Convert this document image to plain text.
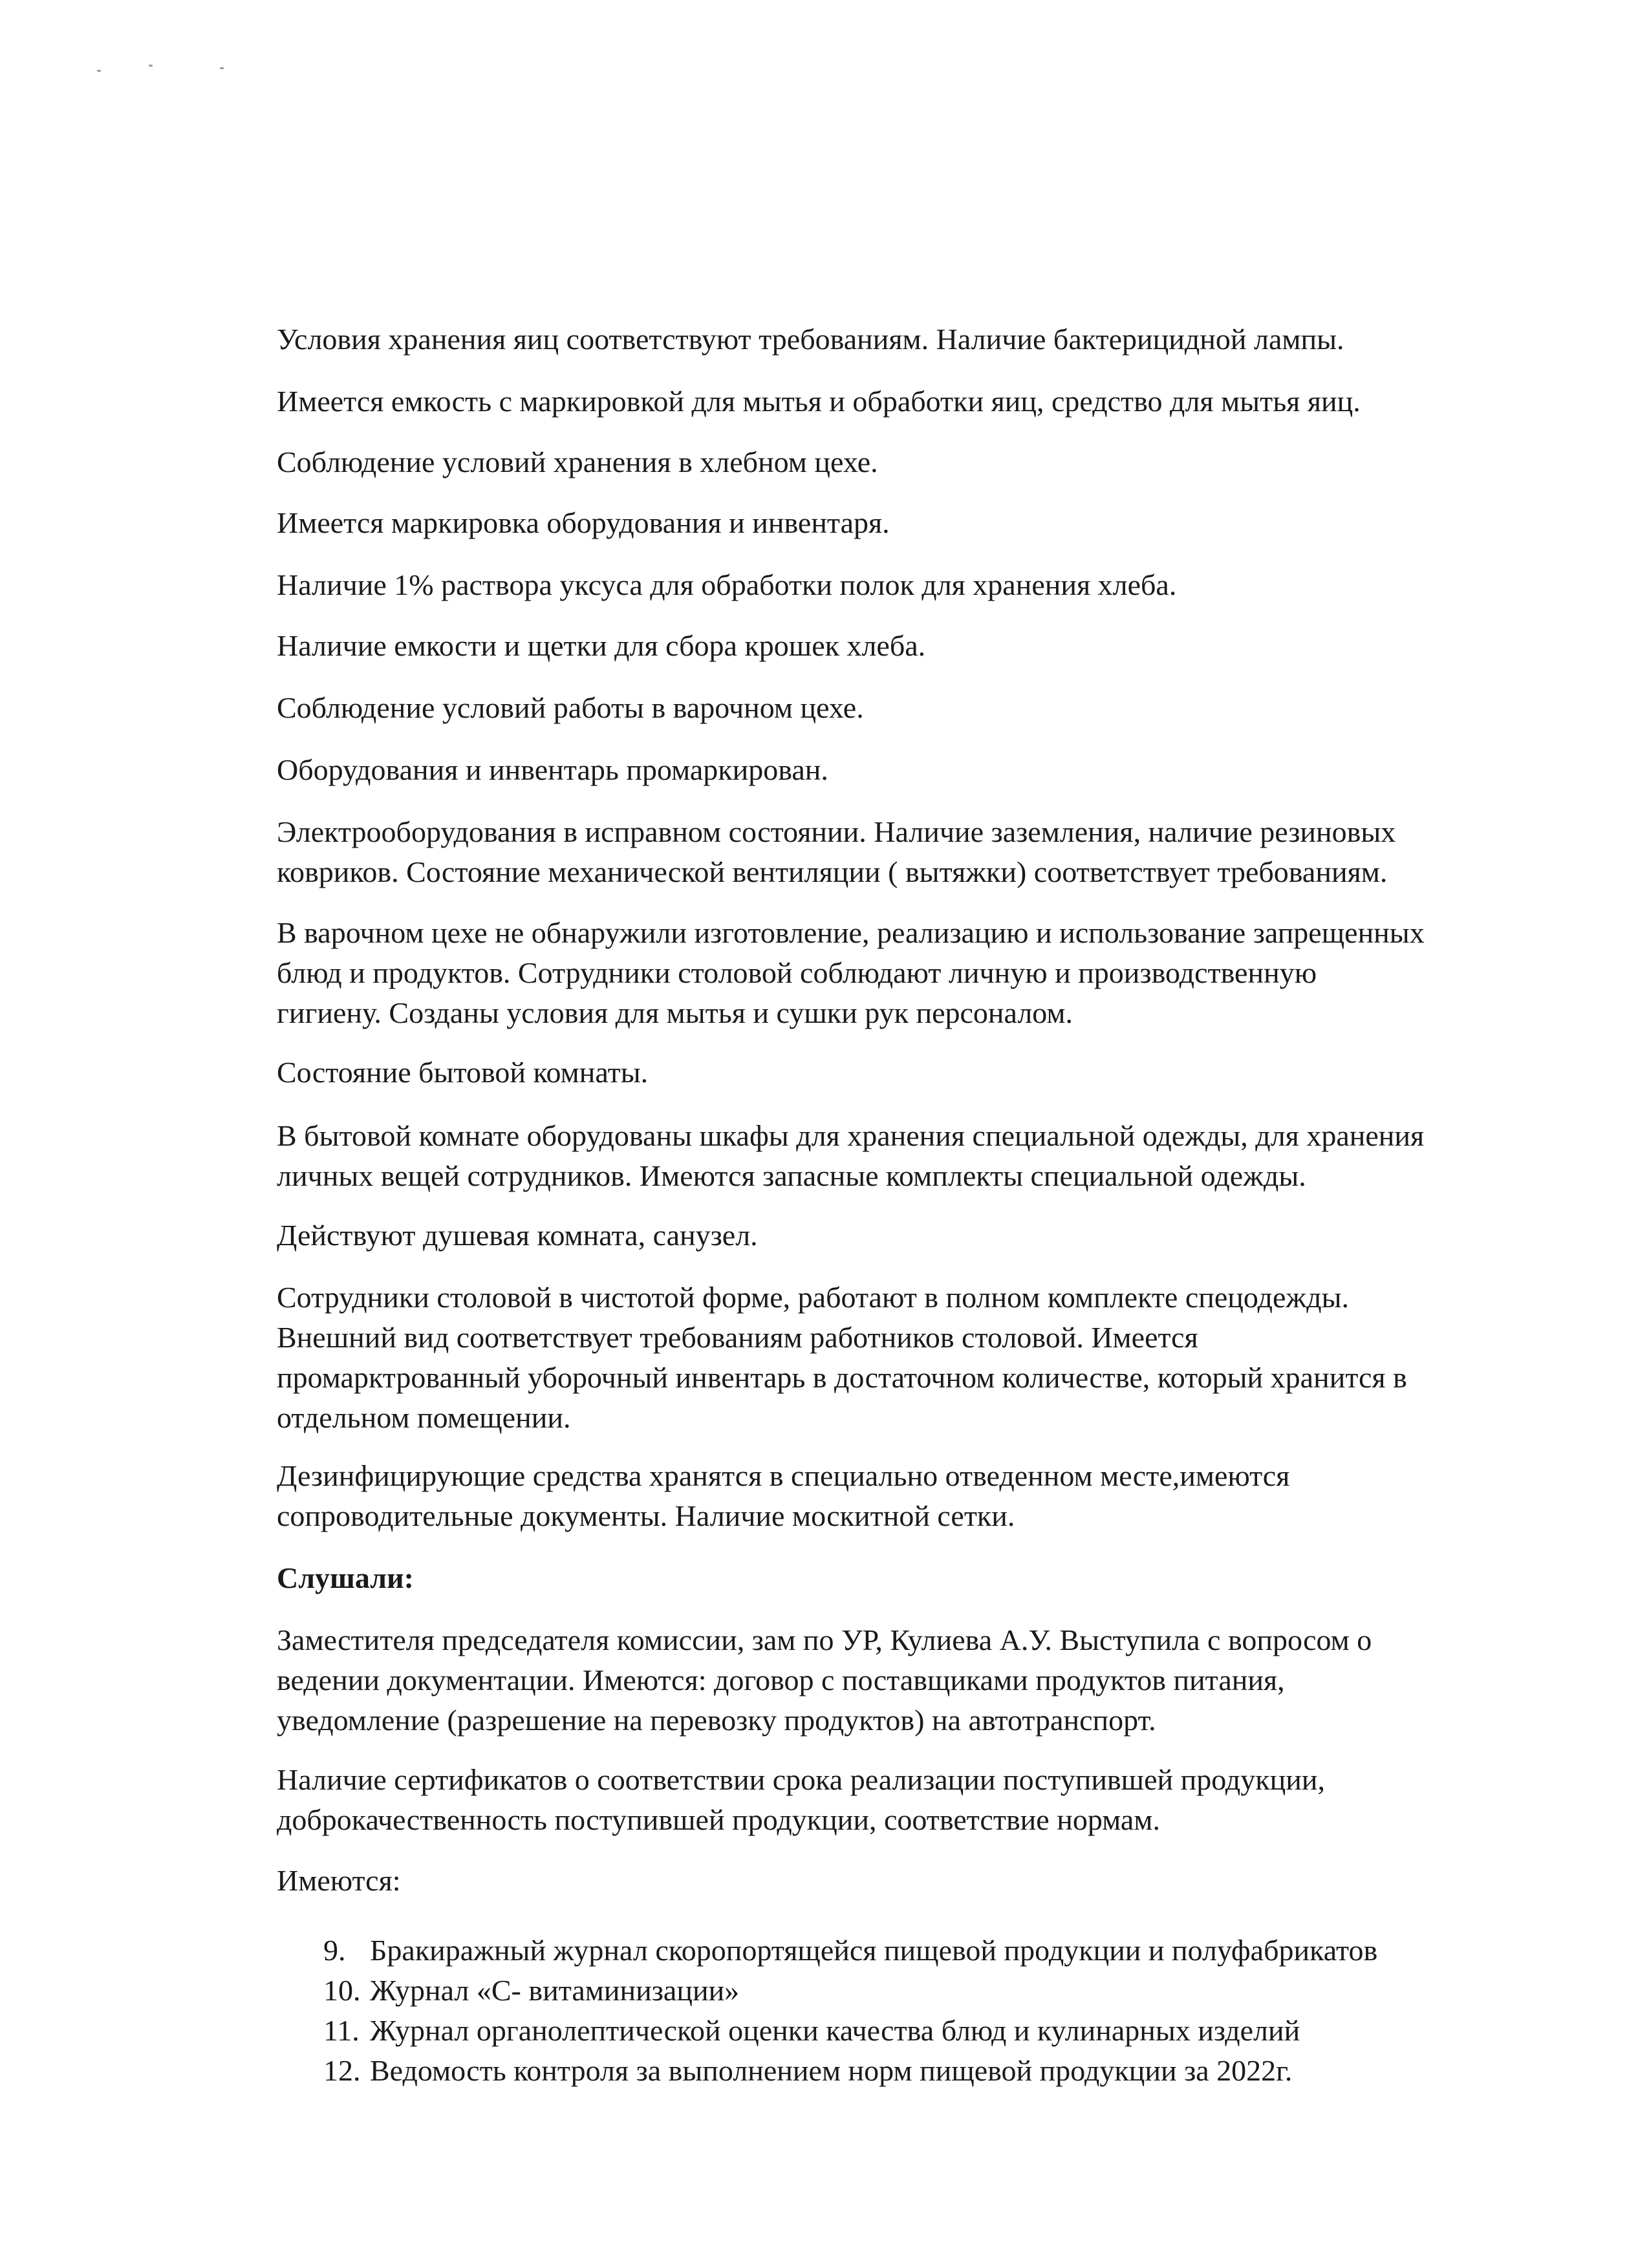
Условия хранения яиц соответствуют требованиям. Наличие бактерицидной лампы.

Имеется емкость с маркировкой для мытья и обработки яиц, средство для мытья яиц.

Соблюдение условий хранения в хлебном цехе.

Имеется маркировка оборудования и инвентаря.

Наличие 1% раствора уксуса для обработки полок для хранения хлеба.

Наличие емкости и щетки для сбора крошек хлеба.

Соблюдение условий работы в варочном цехе.

Оборудования и инвентарь промаркирован.

Электрооборудования в исправном состоянии. Наличие заземления, наличие резиновых
ковриков. Состояние механической вентиляции ( вытяжки) соответствует требованиям.

В варочном цехе не обнаружили изготовление, реализацию и использование запрещенных
блюд и продуктов. Сотрудники столовой соблюдают личную и производственную
гигиену. Созданы условия для мытья и сушки рук персоналом.

Состояние бытовой комнаты.

В бытовой комнате оборудованы шкафы для хранения специальной одежды, для хранения
личных вещей сотрудников. Имеются запасные комплекты специальной одежды.

Действуют душевая комната, санузел.

Сотрудники столовой в чистотой форме, работают в полном комплекте спецодежды.
Внешний вид соответствует требованиям работников столовой. Имеется
промарктрованный уборочный инвентарь в достаточном количестве, который хранится в
отдельном помещении.

Дезинфицирующие средства хранятся в специально отведенном месте,имеются
сопроводительные документы. Наличие москитной сетки.

Слушали:

Заместителя председателя комиссии, зам по УР, Кулиева А.У. Выступила с вопросом о
ведении документации. Имеются: договор с поставщиками продуктов питания,
уведомление (разрешение на перевозку продуктов) на автотранспорт.

Наличие сертификатов о соответствии срока реализации поступившей продукции,
доброкачественность поступившей продукции, соответствие нормам.

Имеются:

9. Бракиражный журнал скоропортящейся пищевой продукции и полуфабрикатов
10. Журнал «С- витаминизации»
11. Журнал органолептической оценки качества блюд и кулинарных изделий
12. Ведомость контроля за выполнением норм пищевой продукции за 2022г.
